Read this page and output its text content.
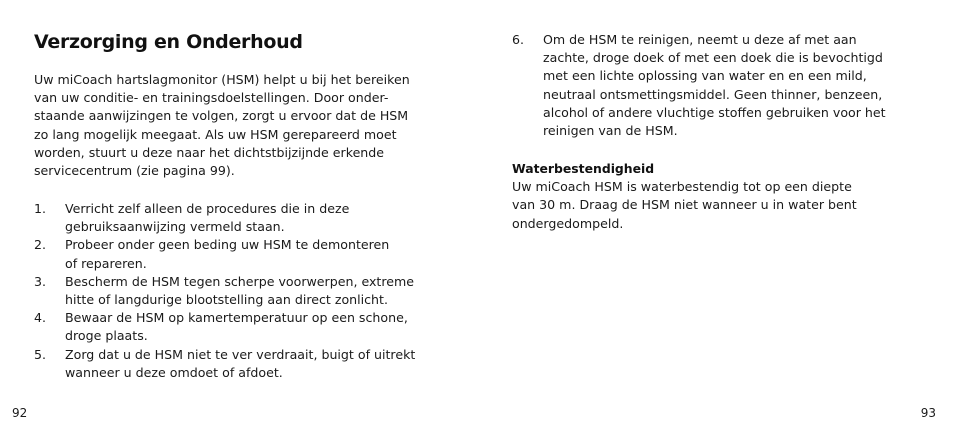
Verzorging en Onderhoud

Uw miCoach hartslagmonitor (HSM) helpt u bij het bereiken
van uw conditie- en trainingsdoelstellingen. Door onder-
staande aanwijzingen te volgen, zorgt u ervoor dat de HSM
zo lang mogelijk meegaat. Als uw HSM gerepareerd moet
worden, stuurt u deze naar het dichtstbijzijnde erkende
servicecentrum (zie pagina 99).

1.	Verricht zelf alleen de procedures die in deze
gebruiksaanwijzing vermeld staan.
2.	Probeer onder geen beding uw HSM te demonteren
of repareren.
3.	Bescherm de HSM tegen scherpe voorwerpen, extreme
hitte of langdurige blootstelling aan direct zonlicht.
4.	Bewaar de HSM op kamertemperatuur op een schone,
droge plaats.
5.	Zorg dat u de HSM niet te ver verdraait, buigt of uitrekt
wanneer u deze omdoet of afdoet.
92
6.	Om de HSM te reinigen, neemt u deze af met aan
zachte, droge doek of met een doek die is bevochtigd
met een lichte oplossing van water en en een mild,
neutraal ontsmettingsmiddel. Geen thinner, benzeen,
alcohol of andere vluchtige stoffen gebruiken voor het
reinigen van de HSM.
Waterbestendigheid
Uw miCoach HSM is waterbestendig tot op een diepte
van 30 m. Draag de HSM niet wanneer u in water bent
ondergedompeld.
93
